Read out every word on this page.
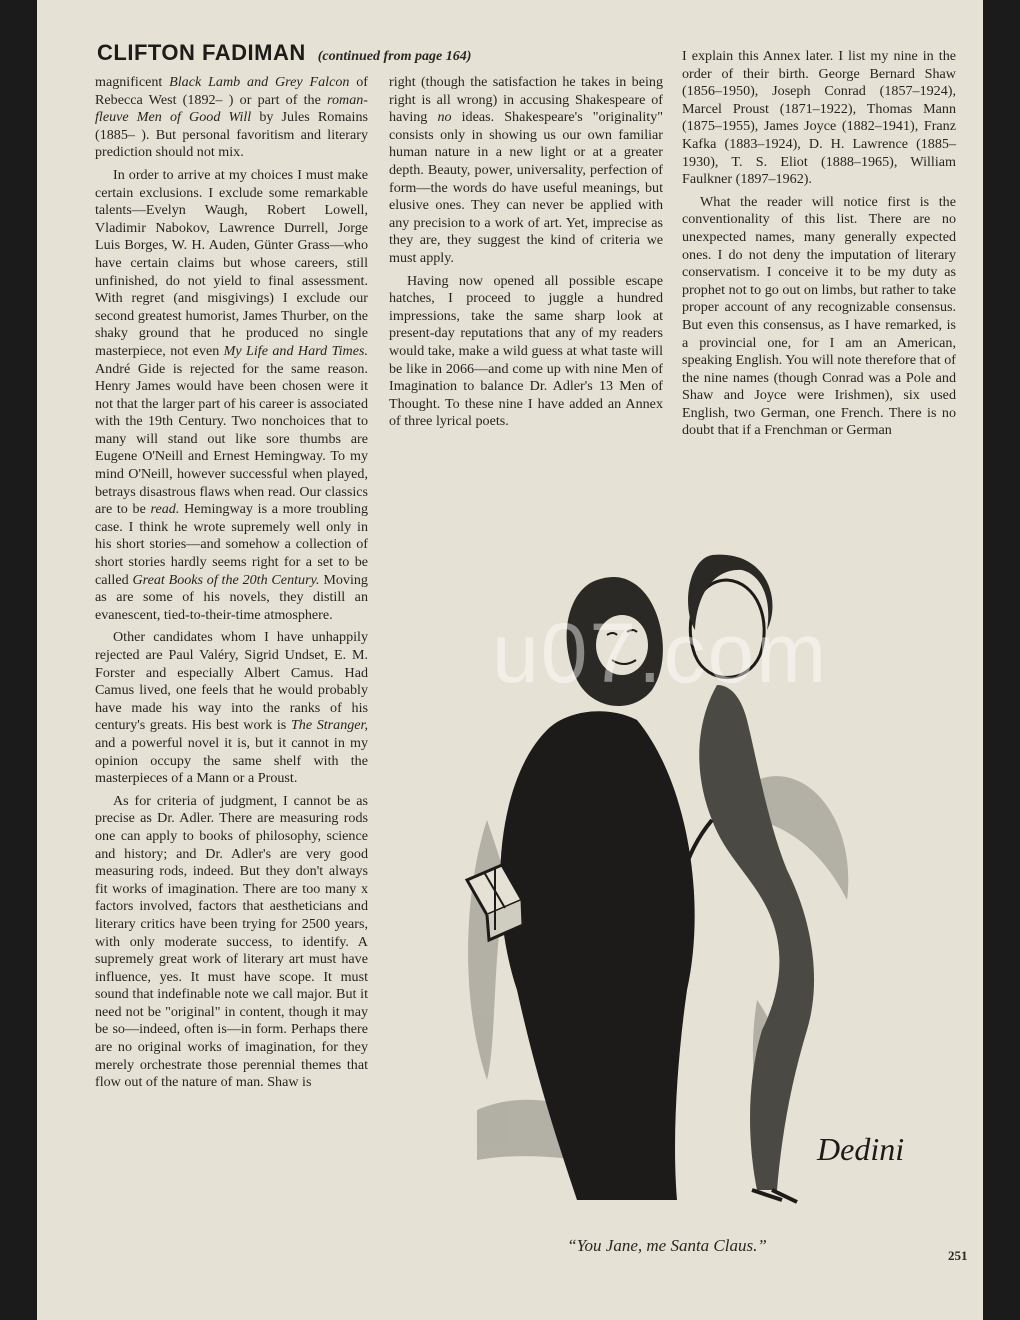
CLIFTON FADIMAN (continued from page 164)

magnificent Black Lamb and Grey Falcon of Rebecca West (1892– ) or part of the roman-fleuve Men of Good Will by Jules Romains (1885– ). But personal favoritism and literary prediction should not mix.

In order to arrive at my choices I must make certain exclusions. I exclude some remarkable talents—Evelyn Waugh, Robert Lowell, Vladimir Nabokov, Lawrence Durrell, Jorge Luis Borges, W. H. Auden, Günter Grass—who have certain claims but whose careers, still unfinished, do not yield to final assessment. With regret (and misgivings) I exclude our second greatest humorist, James Thurber, on the shaky ground that he produced no single masterpiece, not even My Life and Hard Times. André Gide is rejected for the same reason. Henry James would have been chosen were it not that the larger part of his career is associated with the 19th Century. Two nonchoices that to many will stand out like sore thumbs are Eugene O'Neill and Ernest Hemingway. To my mind O'Neill, however successful when played, betrays disastrous flaws when read. Our classics are to be read. Hemingway is a more troubling case. I think he wrote supremely well only in his short stories—and somehow a collection of short stories hardly seems right for a set to be called Great Books of the 20th Century. Moving as are some of his novels, they distill an evanescent, tied-to-their-time atmosphere.

Other candidates whom I have unhappily rejected are Paul Valéry, Sigrid Undset, E. M. Forster and especially Albert Camus. Had Camus lived, one feels that he would probably have made his way into the ranks of his century's greats. His best work is The Stranger, and a powerful novel it is, but it cannot in my opinion occupy the same shelf with the masterpieces of a Mann or a Proust.

As for criteria of judgment, I cannot be as precise as Dr. Adler. There are measuring rods one can apply to books of philosophy, science and history; and Dr. Adler's are very good measuring rods, indeed. But they don't always fit works of imagination. There are too many x factors involved, factors that aestheticians and literary critics have been trying for 2500 years, with only moderate success, to identify. A supremely great work of literary art must have influence, yes. It must have scope. It must sound that indefinable note we call major. But it need not be "original" in content, though it may be so—indeed, often is—in form. Perhaps there are no original works of imagination, for they merely orchestrate those perennial themes that flow out of the nature of man. Shaw is

right (though the satisfaction he takes in being right is all wrong) in accusing Shakespeare of having no ideas. Shakespeare's "originality" consists only in showing us our own familiar human nature in a new light or at a greater depth. Beauty, power, universality, perfection of form—the words do have useful meanings, but elusive ones. They can never be applied with any precision to a work of art. Yet, imprecise as they are, they suggest the kind of criteria we must apply.

Having now opened all possible escape hatches, I proceed to juggle a hundred impressions, take the same sharp look at present-day reputations that any of my readers would take, make a wild guess at what taste will be like in 2066—and come up with nine Men of Imagination to balance Dr. Adler's 13 Men of Thought. To these nine I have added an Annex of three lyrical poets.

I explain this Annex later. I list my nine in the order of their birth. George Bernard Shaw (1856–1950), Joseph Conrad (1857–1924), Marcel Proust (1871–1922), Thomas Mann (1875–1955), James Joyce (1882–1941), Franz Kafka (1883–1924), D. H. Lawrence (1885–1930), T. S. Eliot (1888–1965), William Faulkner (1897–1962).

What the reader will notice first is the conventionality of this list. There are no unexpected names, many generally expected ones. I do not deny the imputation of literary conservatism. I conceive it to be my duty as prophet not to go out on limbs, but rather to take proper account of any recognizable consensus. But even this consensus, as I have remarked, is a provincial one, for I am an American, speaking English. You will note therefore that of the nine names (though Conrad was a Pole and Shaw and Joyce were Irishmen), six used English, two German, one French. There is no doubt that if a Frenchman or German

Dedini
u07.com
“You Jane, me Santa Claus.”
251
